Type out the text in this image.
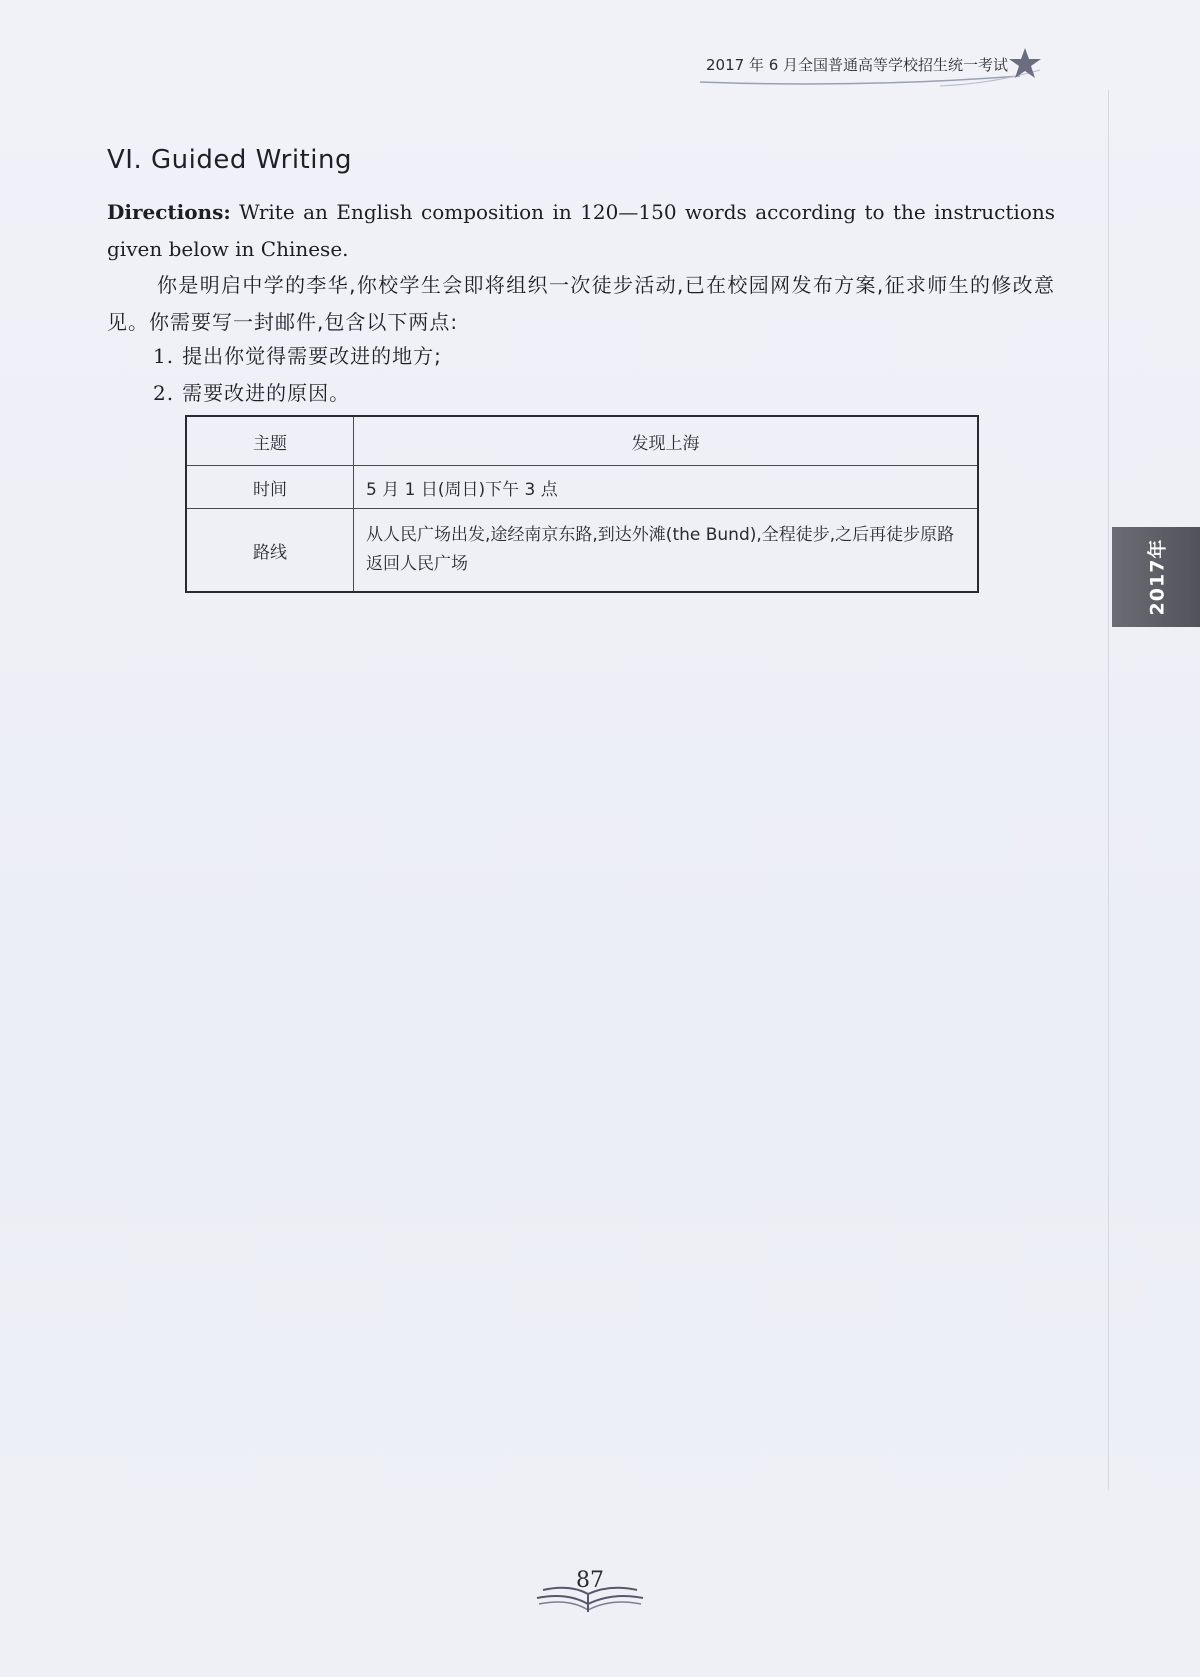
2017 年 6 月全国普通高等学校招生统一考试
2017年
VI. Guided Writing
Directions: Write an English composition in 120—150 words according to the instructions given below in Chinese.
你是明启中学的李华,你校学生会即将组织一次徒步活动,已在校园网发布方案,征求师生的修改意见。你需要写一封邮件,包含以下两点:
1. 提出你觉得需要改进的地方;
2. 需要改进的原因。
主题	发现上海
时间	5 月 1 日(周日)下午 3 点
路线	从人民广场出发,途经南京东路,到达外滩(the Bund),全程徒步,之后再徒步原路返回人民广场
87
